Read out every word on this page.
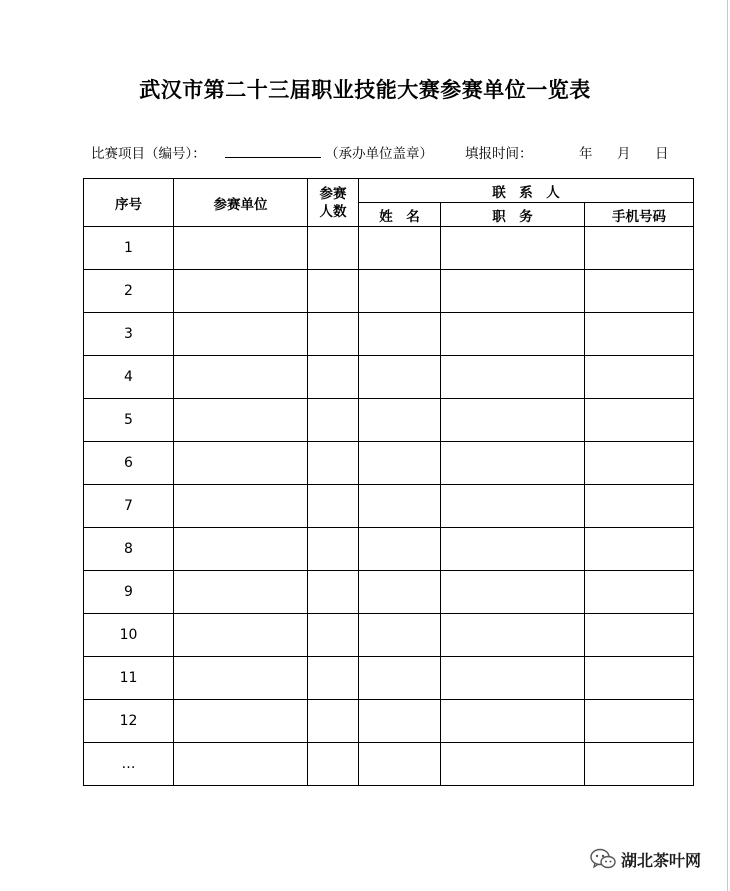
武汉市第二十三届职业技能大赛参赛单位一览表
比赛项目（编号）：	（承办单位盖章） 填报时间：	年 月 日
序号	参赛单位	参赛人数	联　系　人		
			姓　名	职　务	手机号码
1					
2					
3					
4					
5					
6					
7					
8					
9					
10					
11					
12					
…					
湖北茶叶网
